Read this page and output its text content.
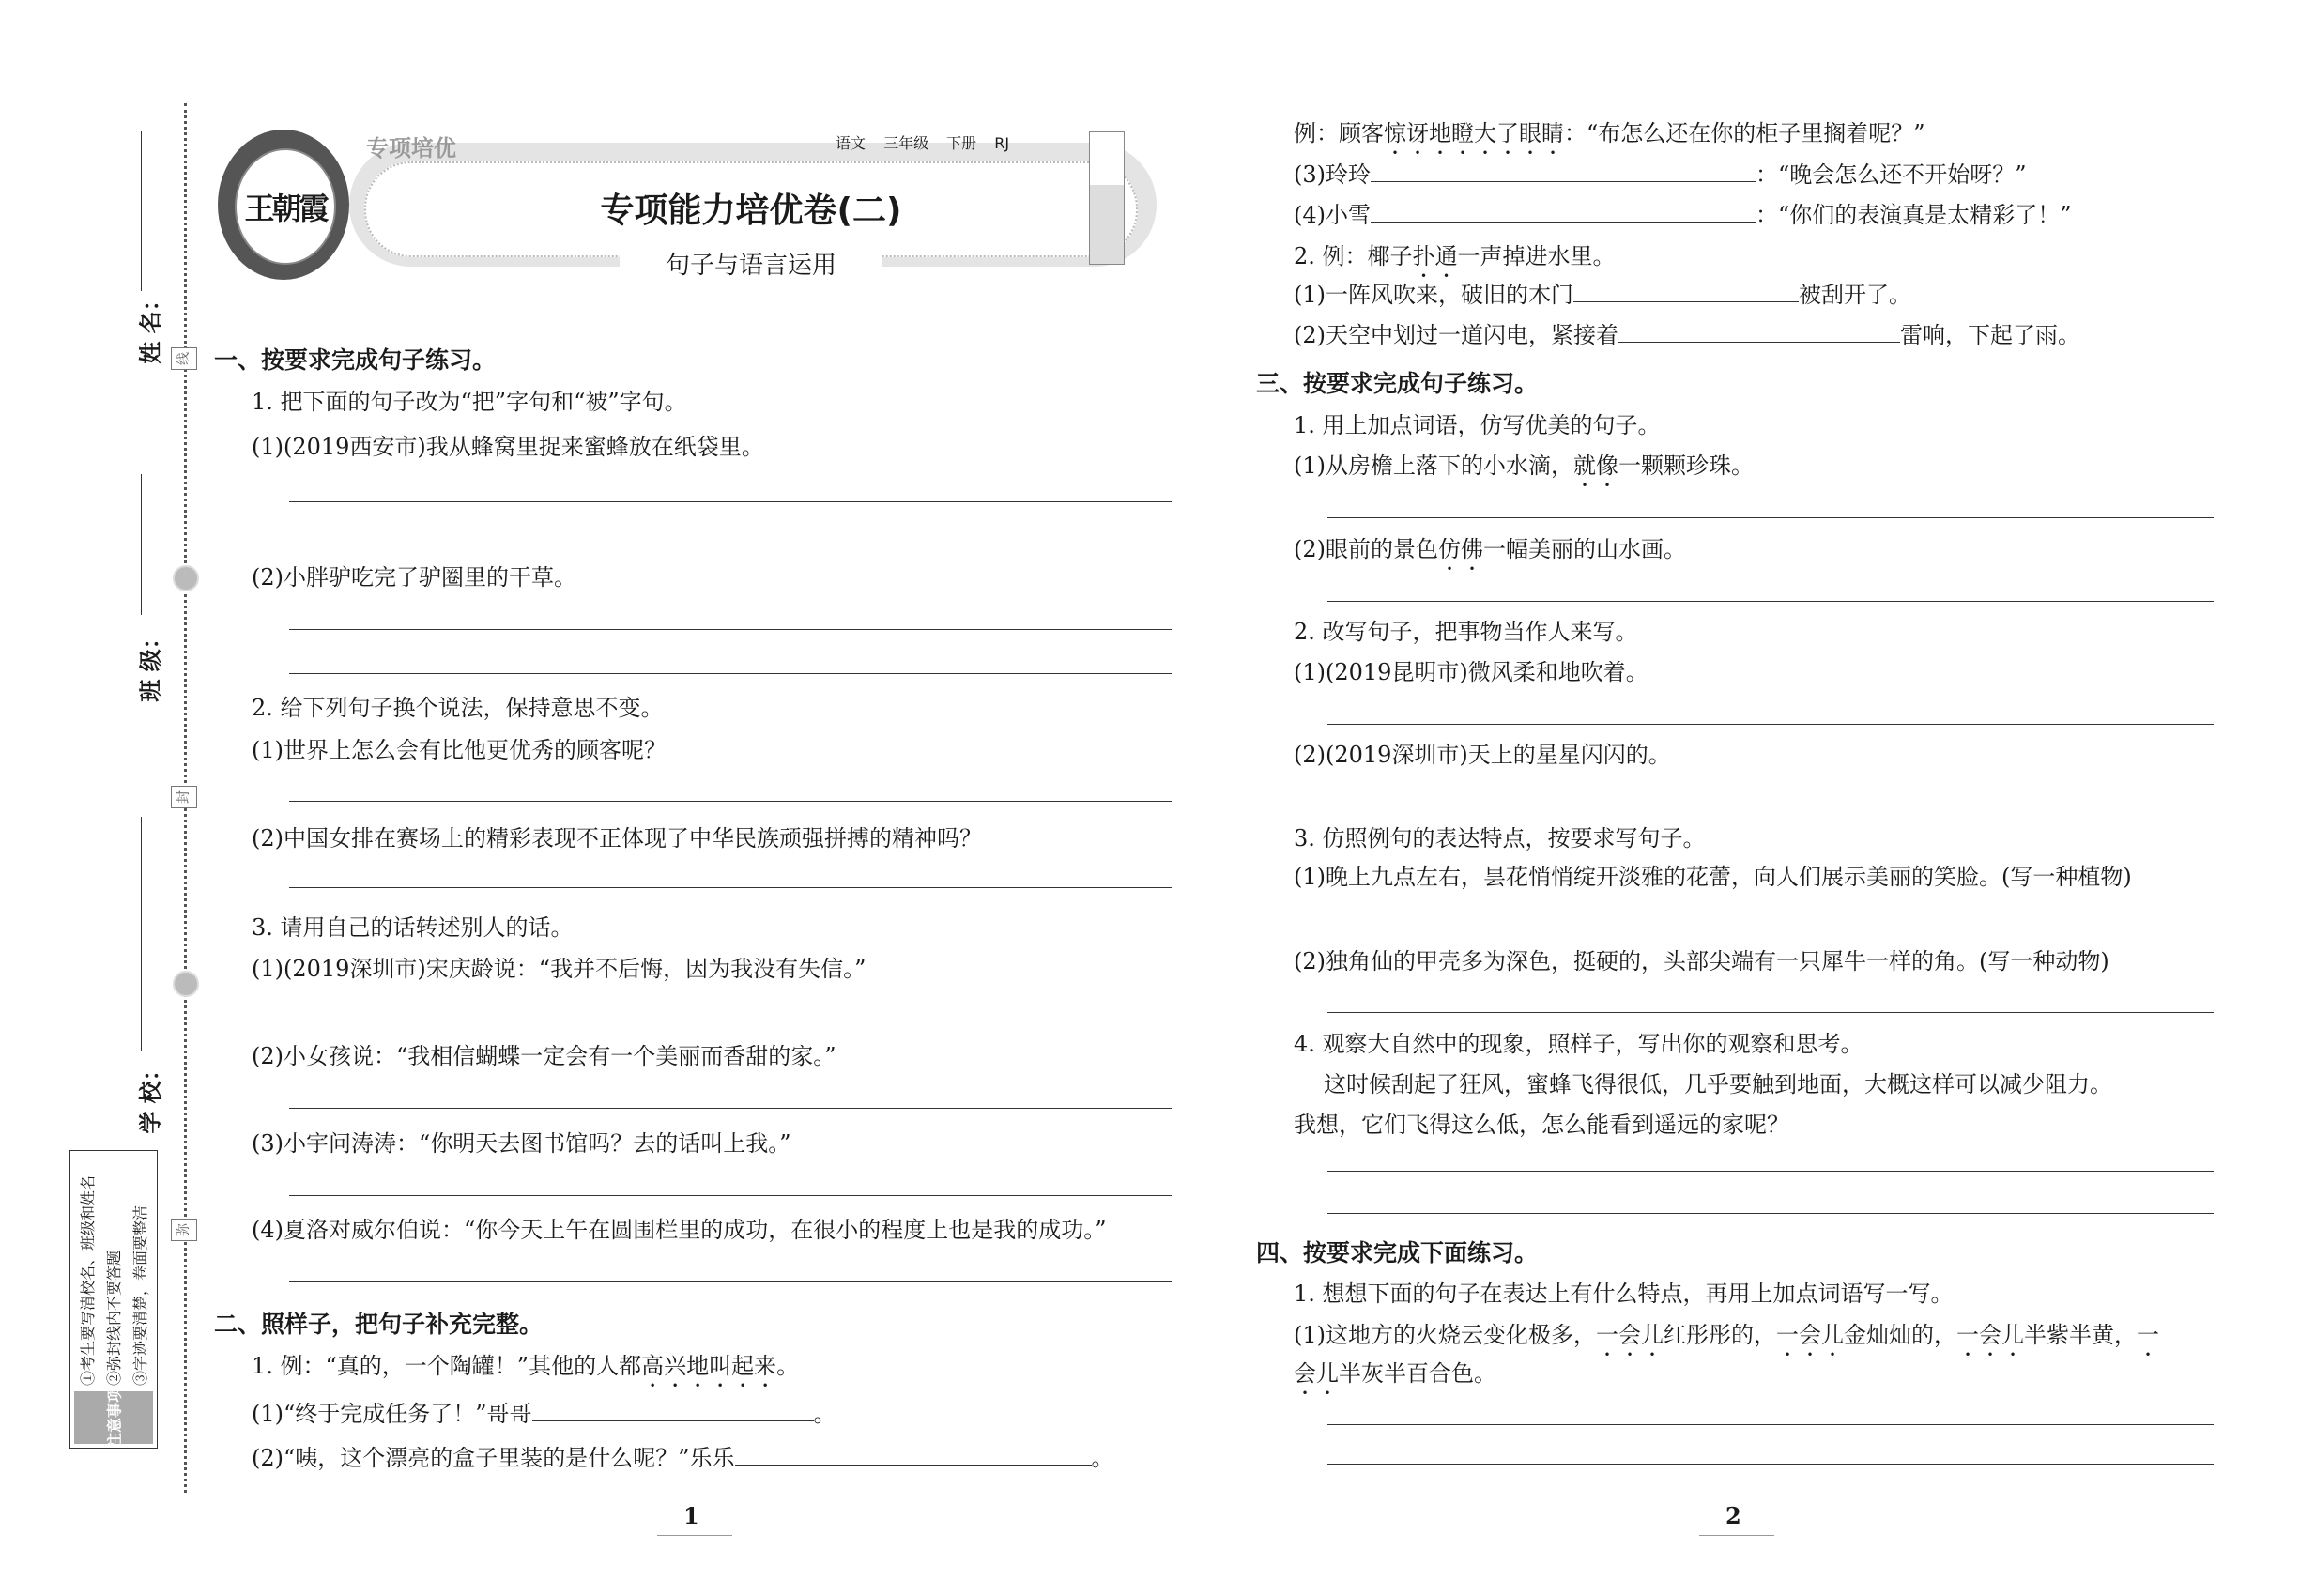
姓 名：
班 级：
学 校：
线
封
弥
注意事项
①考生要写清校名、班级和姓名 ②弥封线内不要答题 ③字迹要清楚，卷面要整洁
王朝霞
专项培优	语文 三年级 下册 RJ
专项能力培优卷(二)
句子与语言运用
一、按要求完成句子练习。
1. 把下面的句子改为“把”字句和“被”字句。
(1)(2019西安市)我从蜂窝里捉来蜜蜂放在纸袋里。
(2)小胖驴吃完了驴圈里的干草。
2. 给下列句子换个说法，保持意思不变。
(1)世界上怎么会有比他更优秀的顾客呢？
(2)中国女排在赛场上的精彩表现不正体现了中华民族顽强拼搏的精神吗？
3. 请用自己的话转述别人的话。
(1)(2019深圳市)宋庆龄说：“我并不后悔，因为我没有失信。”
(2)小女孩说：“我相信蝴蝶一定会有一个美丽而香甜的家。”
(3)小宇问涛涛：“你明天去图书馆吗？去的话叫上我。”
(4)夏洛对威尔伯说：“你今天上午在圆围栏里的成功，在很小的程度上也是我的成功。”
二、照样子，把句子补充完整。
1. 例：“真的，一个陶罐！”其他的人都高兴地叫起来。
(1)“终于完成任务了！”哥哥	。
(2)“咦，这个漂亮的盒子里装的是什么呢？”乐乐	。
例：顾客惊讶地瞪大了眼睛：“布怎么还在你的柜子里搁着呢？”
(3)玲玲	：“晚会怎么还不开始呀？”
(4)小雪	：“你们的表演真是太精彩了！”
2. 例：椰子扑通一声掉进水里。
(1)一阵风吹来，破旧的木门	被刮开了。
(2)天空中划过一道闪电，紧接着	雷响，下起了雨。
三、按要求完成句子练习。
1. 用上加点词语，仿写优美的句子。
(1)从房檐上落下的小水滴，就像一颗颗珍珠。
(2)眼前的景色仿佛一幅美丽的山水画。
2. 改写句子，把事物当作人来写。
(1)(2019昆明市)微风柔和地吹着。
(2)(2019深圳市)天上的星星闪闪的。
3. 仿照例句的表达特点，按要求写句子。
(1)晚上九点左右，昙花悄悄绽开淡雅的花蕾，向人们展示美丽的笑脸。(写一种植物)
(2)独角仙的甲壳多为深色，挺硬的，头部尖端有一只犀牛一样的角。(写一种动物)
4. 观察大自然中的现象，照样子，写出你的观察和思考。
这时候刮起了狂风，蜜蜂飞得很低，几乎要触到地面，大概这样可以减少阻力。
我想，它们飞得这么低，怎么能看到遥远的家呢？
四、按要求完成下面练习。
1. 想想下面的句子在表达上有什么特点，再用上加点词语写一写。
(1)这地方的火烧云变化极多，一会儿红彤彤的，一会儿金灿灿的，一会儿半紫半黄，一
会儿半灰半百合色。
1	2
